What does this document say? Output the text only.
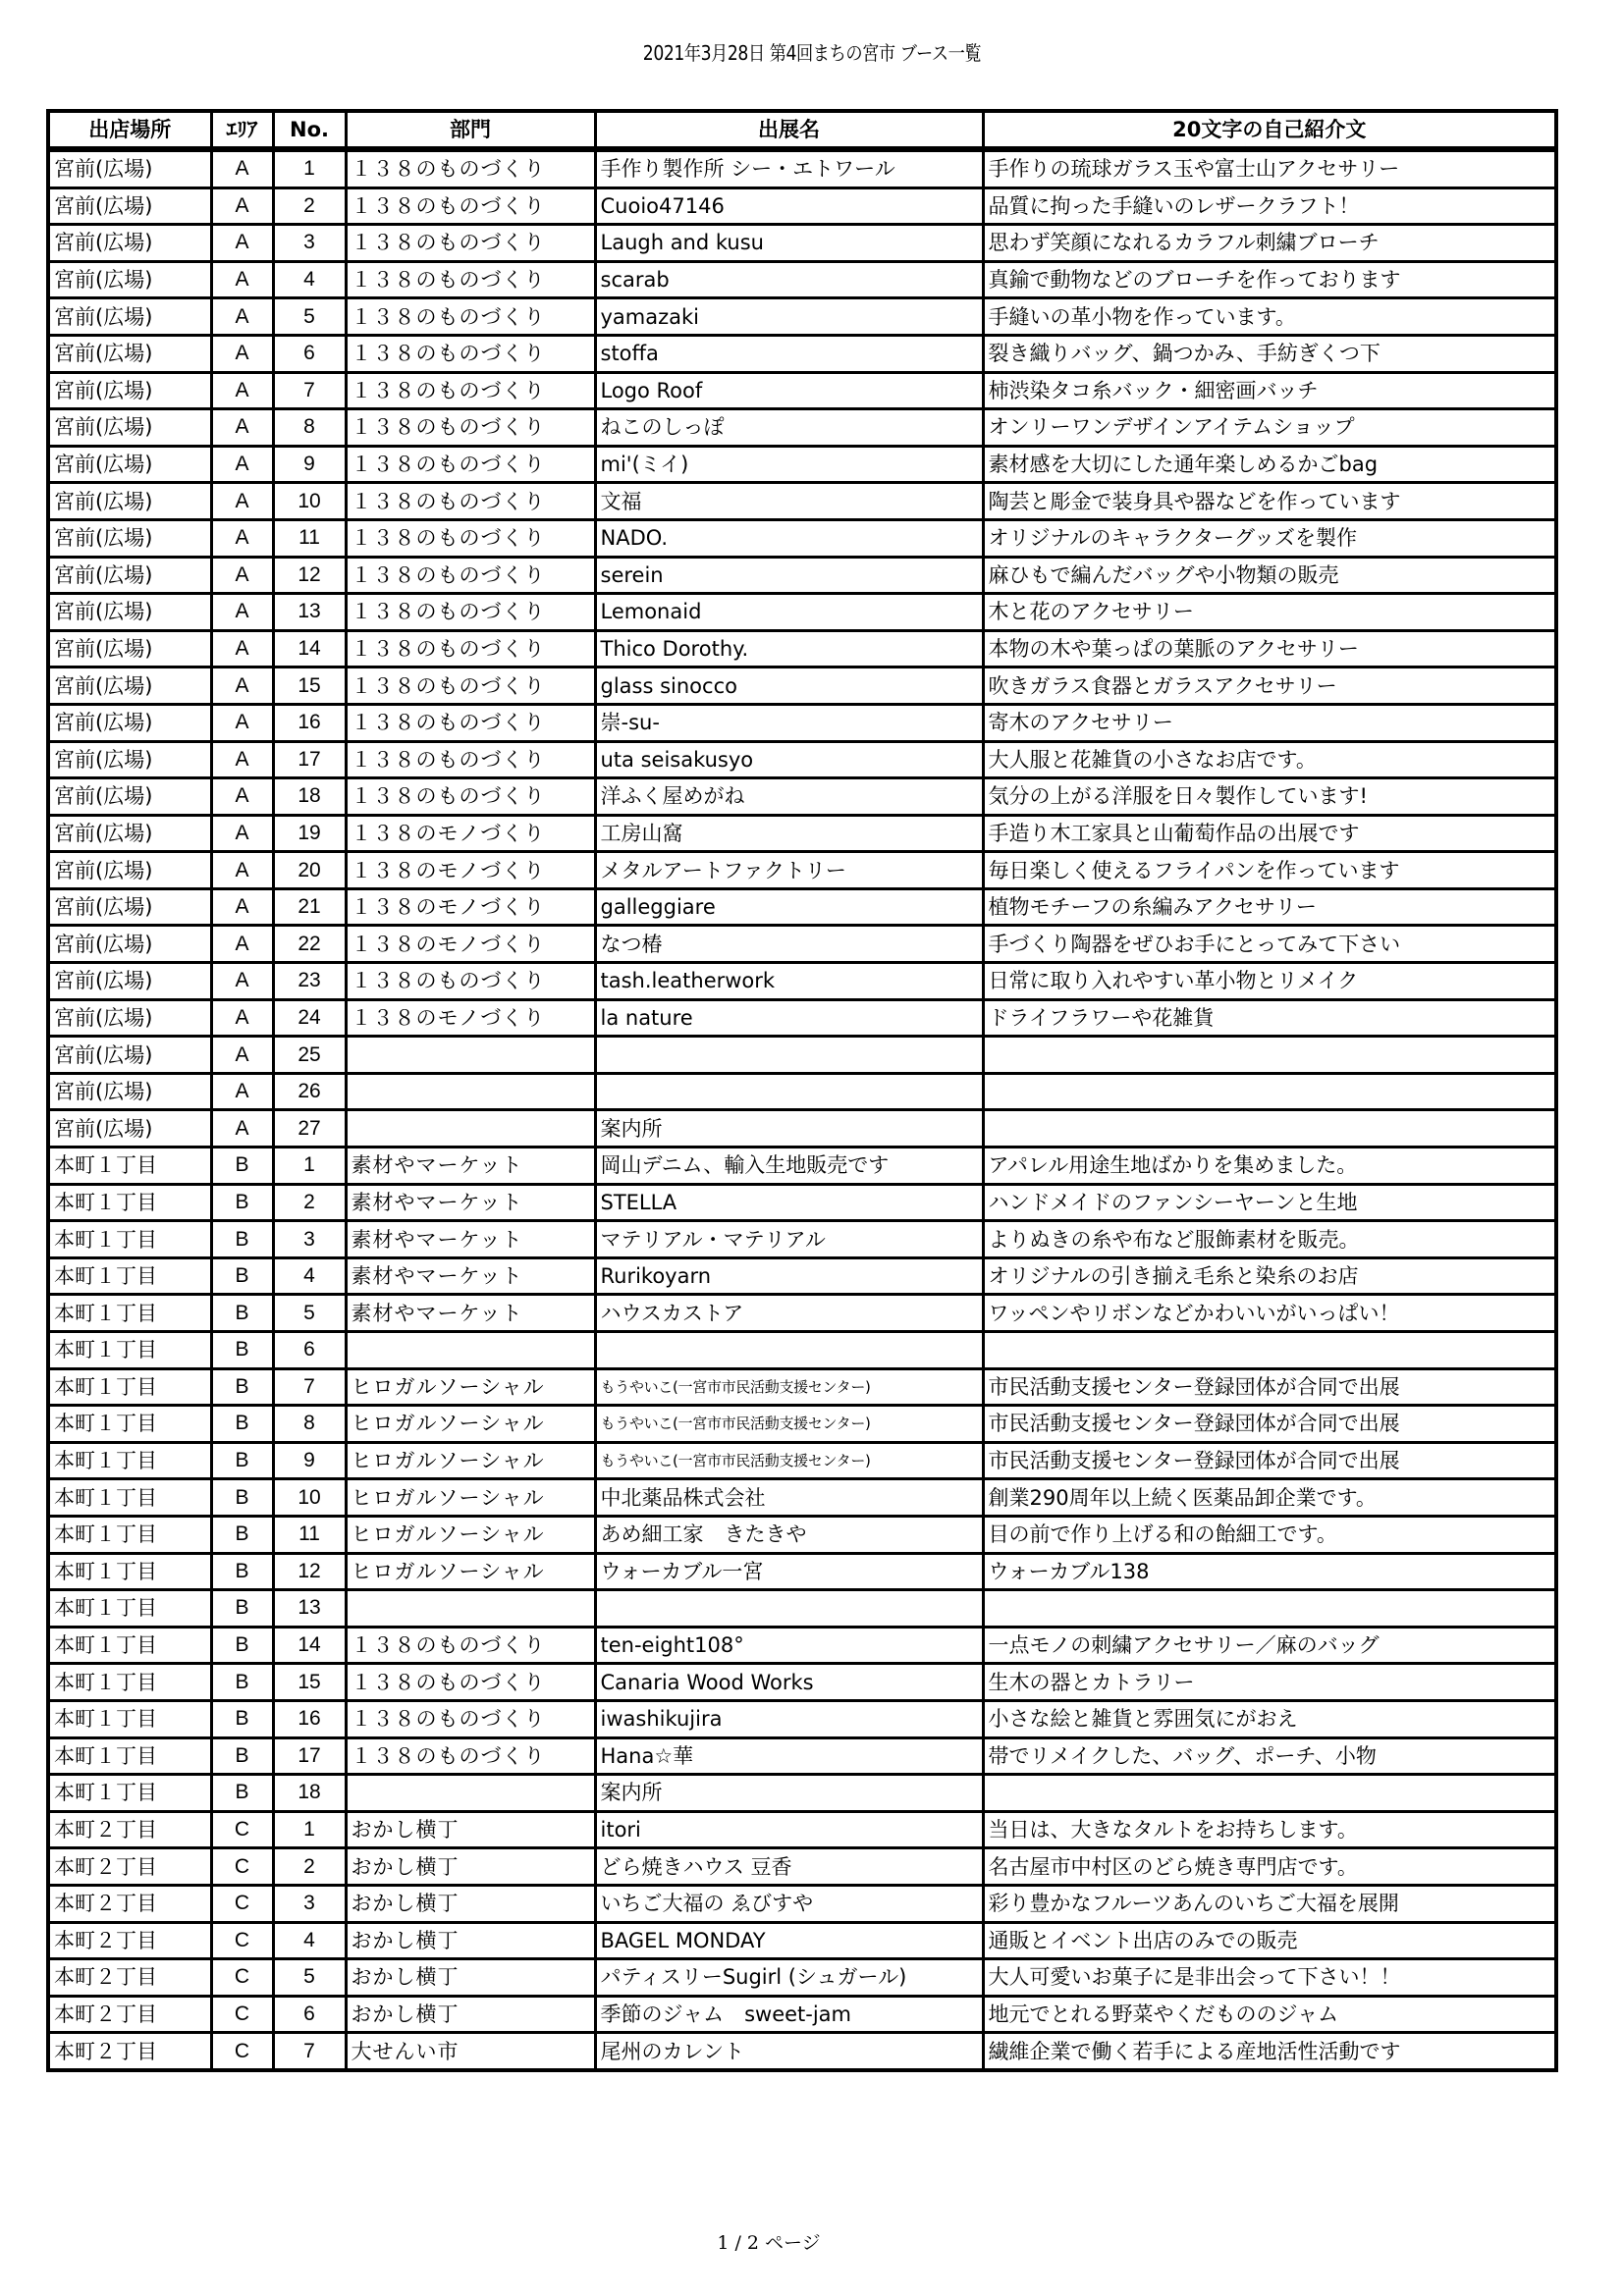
2021年3月28日 第4回まちの宮市 ブース一覧
出店場所	ｴﾘｱ	No.	部門	出展名	20文字の自己紹介文
宮前(広場)	A	1	１３８のものづくり	手作り製作所 シー・エトワール	手作りの琉球ガラス玉や富士山アクセサリー
宮前(広場)	A	2	１３８のものづくり	Cuoio47146	品質に拘った手縫いのレザークラフト！
宮前(広場)	A	3	１３８のものづくり	Laugh and kusu	思わず笑顔になれるカラフル刺繍ブローチ
宮前(広場)	A	4	１３８のものづくり	scarab	真鍮で動物などのブローチを作っております
宮前(広場)	A	5	１３８のものづくり	yamazaki	手縫いの革小物を作っています。
宮前(広場)	A	6	１３８のものづくり	stoffa	裂き織りバッグ、鍋つかみ、手紡ぎくつ下
宮前(広場)	A	7	１３８のものづくり	Logo Roof	柿渋染タコ糸バック・細密画バッチ
宮前(広場)	A	8	１３８のものづくり	ねこのしっぽ	オンリーワンデザインアイテムショップ
宮前(広場)	A	9	１３８のものづくり	mi'(ミイ)	素材感を大切にした通年楽しめるかごbag
宮前(広場)	A	10	１３８のものづくり	文福	陶芸と彫金で装身具や器などを作っています
宮前(広場)	A	11	１３８のものづくり	NADO.	オリジナルのキャラクターグッズを製作
宮前(広場)	A	12	１３８のものづくり	serein	麻ひもで編んだバッグや小物類の販売
宮前(広場)	A	13	１３８のものづくり	Lemonaid	木と花のアクセサリー
宮前(広場)	A	14	１３８のものづくり	Thico Dorothy.	本物の木や葉っぱの葉脈のアクセサリー
宮前(広場)	A	15	１３８のものづくり	glass sinocco	吹きガラス食器とガラスアクセサリー
宮前(広場)	A	16	１３８のものづくり	崇-su-	寄木のアクセサリー
宮前(広場)	A	17	１３８のものづくり	uta seisakusyo	大人服と花雑貨の小さなお店です。
宮前(広場)	A	18	１３８のものづくり	洋ふく屋めがね	気分の上がる洋服を日々製作しています!
宮前(広場)	A	19	１３８のモノづくり	工房山窩	手造り木工家具と山葡萄作品の出展です
宮前(広場)	A	20	１３８のモノづくり	メタルアートファクトリー	毎日楽しく使えるフライパンを作っています
宮前(広場)	A	21	１３８のモノづくり	galleggiare	植物モチーフの糸編みアクセサリー
宮前(広場)	A	22	１３８のモノづくり	なつ椿	手づくり陶器をぜひお手にとってみて下さい
宮前(広場)	A	23	１３８のものづくり	tash.leatherwork	日常に取り入れやすい革小物とリメイク
宮前(広場)	A	24	１３８のモノづくり	la nature	ドライフラワーや花雑貨
宮前(広場)	A	25			
宮前(広場)	A	26			
宮前(広場)	A	27		案内所	
本町１丁目	B	1	素材やマーケット	岡山デニム、輸入生地販売です	アパレル用途生地ばかりを集めました。
本町１丁目	B	2	素材やマーケット	STELLA	ハンドメイドのファンシーヤーンと生地
本町１丁目	B	3	素材やマーケット	マテリアル・マテリアル	よりぬきの糸や布など服飾素材を販売。
本町１丁目	B	4	素材やマーケット	Rurikoyarn	オリジナルの引き揃え毛糸と染糸のお店
本町１丁目	B	5	素材やマーケット	ハウスカストア	ワッペンやリボンなどかわいいがいっぱい！
本町１丁目	B	6			
本町１丁目	B	7	ヒロガルソーシャル	もうやいこ(一宮市市民活動支援センター)	市民活動支援センター登録団体が合同で出展
本町１丁目	B	8	ヒロガルソーシャル	もうやいこ(一宮市市民活動支援センター)	市民活動支援センター登録団体が合同で出展
本町１丁目	B	9	ヒロガルソーシャル	もうやいこ(一宮市市民活動支援センター)	市民活動支援センター登録団体が合同で出展
本町１丁目	B	10	ヒロガルソーシャル	中北薬品株式会社	創業290周年以上続く医薬品卸企業です。
本町１丁目	B	11	ヒロガルソーシャル	あめ細工家　きたきや	目の前で作り上げる和の飴細工です。
本町１丁目	B	12	ヒロガルソーシャル	ウォーカブル一宮	ウォーカブル138
本町１丁目	B	13			
本町１丁目	B	14	１３８のものづくり	ten-eight108°	一点モノの刺繍アクセサリー／麻のバッグ
本町１丁目	B	15	１３８のものづくり	Canaria Wood Works	生木の器とカトラリー
本町１丁目	B	16	１３８のものづくり	iwashikujira	小さな絵と雑貨と雰囲気にがおえ
本町１丁目	B	17	１３８のものづくり	Hana☆華	帯でリメイクした、バッグ、ポーチ、小物
本町１丁目	B	18		案内所	
本町２丁目	C	1	おかし横丁	itori	当日は、大きなタルトをお持ちします。
本町２丁目	C	2	おかし横丁	どら焼きハウス 豆香	名古屋市中村区のどら焼き専門店です。
本町２丁目	C	3	おかし横丁	いちご大福の ゑびすや	彩り豊かなフルーツあんのいちご大福を展開
本町２丁目	C	4	おかし横丁	BAGEL MONDAY	通販とイベント出店のみでの販売
本町２丁目	C	5	おかし横丁	パティスリーSugirl (シュガール)	大人可愛いお菓子に是非出会って下さい！！
本町２丁目	C	6	おかし横丁	季節のジャム　sweet-jam	地元でとれる野菜やくだもののジャム
本町２丁目	C	7	大せんい市	尾州のカレント	繊維企業で働く若手による産地活性活動です
1 / 2 ページ
